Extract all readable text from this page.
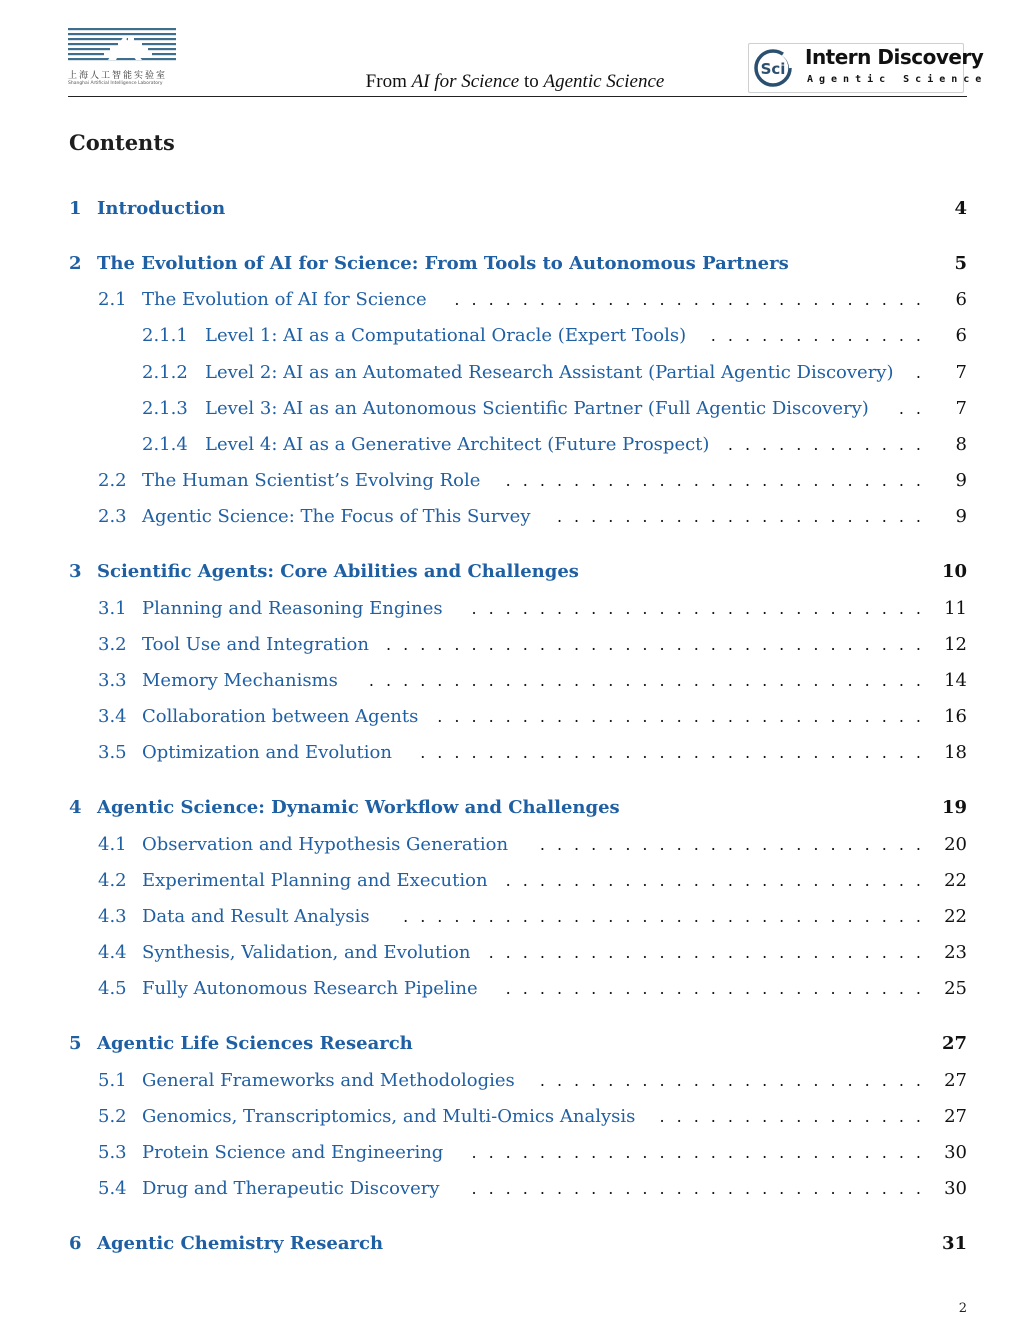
上海人工智能实验室
Shanghai Artificial Intelligence Laboratory	From AI for Science to Agentic Science
Sci Intern Discovery
Agentic Science
Contents
1 Introduction	4
2 The Evolution of AI for Science: From Tools to Autonomous Partners	5
2.1 The Evolution of AI for Science	. . . . . . . . . . . . . . . . . . . . . . . . . . . .	6
2.1.1 Level 1: AI as a Computational Oracle (Expert Tools)	. . . . . . . . . . . . .	6
2.1.2 Level 2: AI as an Automated Research Assistant (Partial Agentic Discovery)	.	7
2.1.3 Level 3: AI as an Autonomous Scientific Partner (Full Agentic Discovery)	. .	7
2.1.4 Level 4: AI as a Generative Architect (Future Prospect)	. . . . . . . . . . . .	8
2.2 The Human Scientist’s Evolving Role	. . . . . . . . . . . . . . . . . . . . . . . . .	9
2.3 Agentic Science: The Focus of This Survey	. . . . . . . . . . . . . . . . . . . . . .	9
3 Scientific Agents: Core Abilities and Challenges	10
3.1 Planning and Reasoning Engines	. . . . . . . . . . . . . . . . . . . . . . . . . . .	11
3.2 Tool Use and Integration	. . . . . . . . . . . . . . . . . . . . . . . . . . . . . . . .	12
3.3 Memory Mechanisms	. . . . . . . . . . . . . . . . . . . . . . . . . . . . . . . . .	14
3.4 Collaboration between Agents	. . . . . . . . . . . . . . . . . . . . . . . . . . . . .	16
3.5 Optimization and Evolution	. . . . . . . . . . . . . . . . . . . . . . . . . . . . . .	18
4 Agentic Science: Dynamic Workflow and Challenges	19
4.1 Observation and Hypothesis Generation	. . . . . . . . . . . . . . . . . . . . . . .	20
4.2 Experimental Planning and Execution	. . . . . . . . . . . . . . . . . . . . . . . . .	22
4.3 Data and Result Analysis	. . . . . . . . . . . . . . . . . . . . . . . . . . . . . . .	22
4.4 Synthesis, Validation, and Evolution	. . . . . . . . . . . . . . . . . . . . . . . . . .	23
4.5 Fully Autonomous Research Pipeline	. . . . . . . . . . . . . . . . . . . . . . . . .	25
5 Agentic Life Sciences Research	27
5.1 General Frameworks and Methodologies	. . . . . . . . . . . . . . . . . . . . . . .	27
5.2 Genomics, Transcriptomics, and Multi-Omics Analysis	. . . . . . . . . . . . . . . .	27
5.3 Protein Science and Engineering	. . . . . . . . . . . . . . . . . . . . . . . . . . .	30
5.4 Drug and Therapeutic Discovery	. . . . . . . . . . . . . . . . . . . . . . . . . . .	30
6 Agentic Chemistry Research	31
2
